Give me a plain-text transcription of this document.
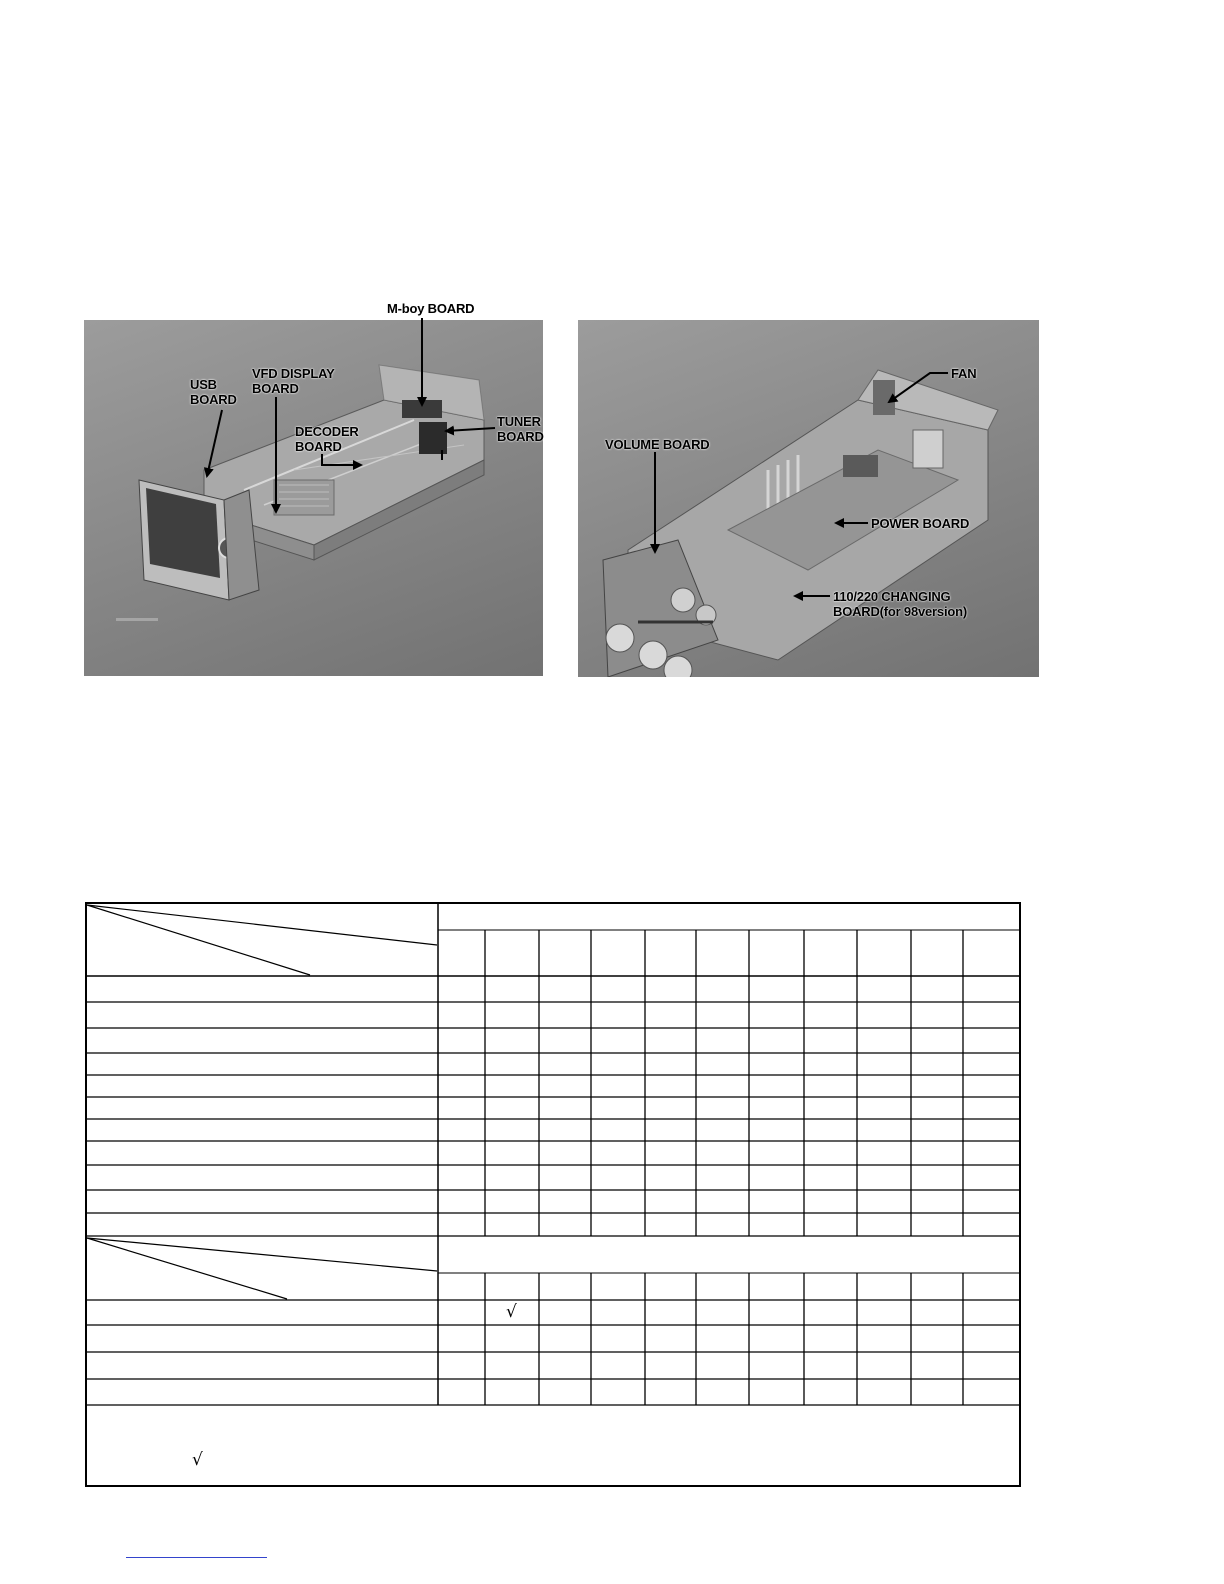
M-boy BOARD
USB
BOARD
VFD DISPLAY
BOARD
DECODER
BOARD
TUNER
BOARD
FAN
VOLUME BOARD
POWER BOARD
110/220 CHANGING
BOARD(for 98version)
√
√
